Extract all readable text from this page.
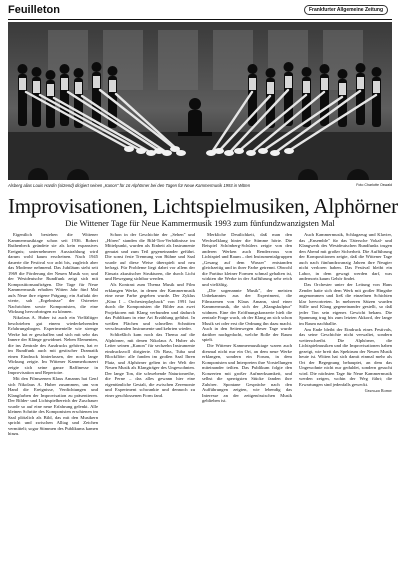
Feuilleton	Frankfurter Allgemeine Zeitung
Alsberg alias Louis Hardin (sitzend) dirigiert seinen „Kanon" für 16 Alphörner bei den Tagen für Neue Kammermusik 1993 in Witten	Foto Charlotte Oswald
Improvisationen, Lichtspielmusiken, Alphörner
Die Wittener Tage für Neue Kammermusik 1993 zum fünfundzwanzigsten Mal

Eigentlich bestehen die Wittener Kammermusiktage schon seit 1936. Robert Ruthenbeck gründete sie als kein expansives Ereignis; unternehmerer Ausstrahlung wird darum wohl kaum erscheinen. Nach 1945 dauerte die Festival vor acht bis, zugleich aber das Moderne nehmend. Das Jubiläum sieht seit 1969 die Förderung der Neuen Musik vor; und der Westdeutsche Rundfunk zeigt sich mit Kompositionsaufträgen. Die Tage für Neue Kammermusik erhalten Witten Jahr fünf Mal aufs Neue ihre eigene Prägung; ein Auftakt der vierte, sah „Ergebnisse" der Ostereier Nachrichten sowie Komponisten, die eine Wirkung hervorbringen zu können.

Nikolaus A. Huber ist auch ein Vielfältiger beschrieben gut einem wiederkehrenden Erfahrungsbogen. Experimentelle wie strenge Werke hat er geschaffen und sich mit sehr das Innere der Klänge gewidmet. Neben Elementen, die ins Zentrale des Ausdrucks gehören, hat er im Rundfunk auch mit gestischer Dramatik einen Eindruck hinterlassen, der noch lange Wirkung zeigte. Im Wittener Kammerkonzert zeigte sich seine ganze Raffinesse in Improvisation und Repertoire.

Mit den Filmszenen Klaus Amanns hat Genf sich Nikolaus A. Huber zusammen, um von Hand die Ereignisse, Verdichtungen und Klangfarben der Improvisation zu präsentieren. Der Bilder- und Lichtspielbereich der Zuschauer wurde so auf eine neue Erfahrung gelenkt. Alle kleinen Schritte des Komponisten erschienen im Saal plötzlich als Bild, das mit den Musikern spricht und zwischen Alltag und Zeichen vermittelt; sogar Stimmen des Publikums kamen hinzu.

Schon in der Geschichte der „Sehen" und „Hören" standen die Bild-Ton-Verhältnisse im Mittelpunkt, wurden als Einheit als Instrumente genutzt und zum Teil gegeneinander geführt. Die sonst feste Trennung von Bühne und Saal wurde auf diese Weise überspielt und neu befragt. Für Probleme liegt dabei vor allem der Einsatz akustischer Strukturen, die durch Licht und Bewegung sichtbar werden.

Als Kontrast zum Thema Musik und Film erklangen Werke, in denen der Kammermusik eine neue Farbe gegeben wurde. Der Zyklus „Kino I – Orchesterplayback" von 1991 hat durch die Komponisten die Bilder aus zwei Projektoren mit Klang verbunden und dadurch das Publikum in eine Art Erzählung geführt. In weißen Flächen und schnellen Schnitten verschwanden Instrumente und kehrten wieder.

Schließlich kam noch das Thema auf die Alphörner, mit denen Nikolaus A. Huber als Leiter seinen „Kanon" für sechzehn Instrumente eindrucksvoll dirigierte. Ob Bass, Tuba und Blockflöte: alle fanden im großen Saal Ihren Platz, und Alphörner gelten in der Welt der Neuen Musik als Klangträger des Ungewohnten. Der lange Ton, die schwebende Naturtonreihe, die Ferne – das alles gewann hier eine eigentümliche Gestalt, die zwischen Zeremonie und Experiment schwankte und dennoch zu einer geschlossenen Form fand.

Merkliche Deutlichkeit, daß man den Wechselklang hinter die Stimme hörte. Die Beispiel Schönberg-Schülers zeigte von den anderen Werken auch Rendezvous von Lichtspiel und Raum – drei Instrumentalgruppen „Gesang auf dem Wasser" entstanden gleichzeitig und in ihrer Farbe getrennt. Obwohl die Partitur kleiner Formen schmal gehalten ist, wirkten die Werke in der Aufführung sehr reich und vielfältig.

„Die sogenannte Musik", der meisten Unbekanntes aus der Experiment, die Filmszenen von Klaus Amann, sind einer Kammermusik, die sich der „Klangskulptur" widmen. Eine der Eröffnungskonzerte hielt die zentrale Frage wach, ob der Klang an sich schon Musik sei oder erst die Ordnung ihn dazu macht. Auch in den Seitenwegen dieser Tage wurde darüber nachgedacht, welche Rolle der Raum spielt.

Die Wittener Kammermusiktage waren auch diesmal nicht nur ein Ort, an dem neue Werke erklangen, sondern ein Forum, in dem Komponisten und Interpreten ihre Vorstellungen miteinander teilten. Das Publikum folgte den Konzerten mit großer Aufmerksamkeit, und selbst die sperrigsten Stücke fanden ihre Zuhörer. Spontane Gespräche nach den Aufführungen zeigten, wie lebendig das Interesse an der zeitgenössischen Musik geblieben ist.

Auch Kammermusik, Schlagzeug und Klavier, das „Ensemble" für das Tätersche Vokal- und Klangwerk des Westdeutschen Rundfunks trugen den Abend mit großer Sicherheit. Die Aufführung der Kompositionen zeigte, daß die Wittener Tage auch nach fünfundzwanzig Jahren ihre Neugier nicht verloren haben. Das Festival bleibt ein Labor, in dem gewagt werden darf, was andernorts kaum Gehör findet.

Das Orchester unter der Leitung von Hans Zender hatte sich dem Werk mit großer Hingabe angenommen und ließ die einzelnen Schichten klar hervortreten. In mehreren Sätzen wurden Stille und Klang gegeneinander gestellt, so daß jeder Ton sein eigenes Gewicht bekam. Die Spannung trug bis zum letzten Akkord, der lange im Raum nachhallte.

Am Ende bleibt der Eindruck eines Festivals, das seine Geschichte nicht verwaltet, sondern weiterschreibt. Die Alphörner, die Lichtspielmusiken und die Improvisationen haben gezeigt, wie breit das Spektrum der Neuen Musik heute ist. Witten hat sich damit einmal mehr als Ort der Begegnung behauptet, an dem das Ungewohnte nicht nur geduldet, sondern gesucht wird. Die nächsten Tage für Neue Kammermusik werden zeigen, wohin der Weg führt; die Erwartungen sind jedenfalls geweckt.

Gerhard Rohde
